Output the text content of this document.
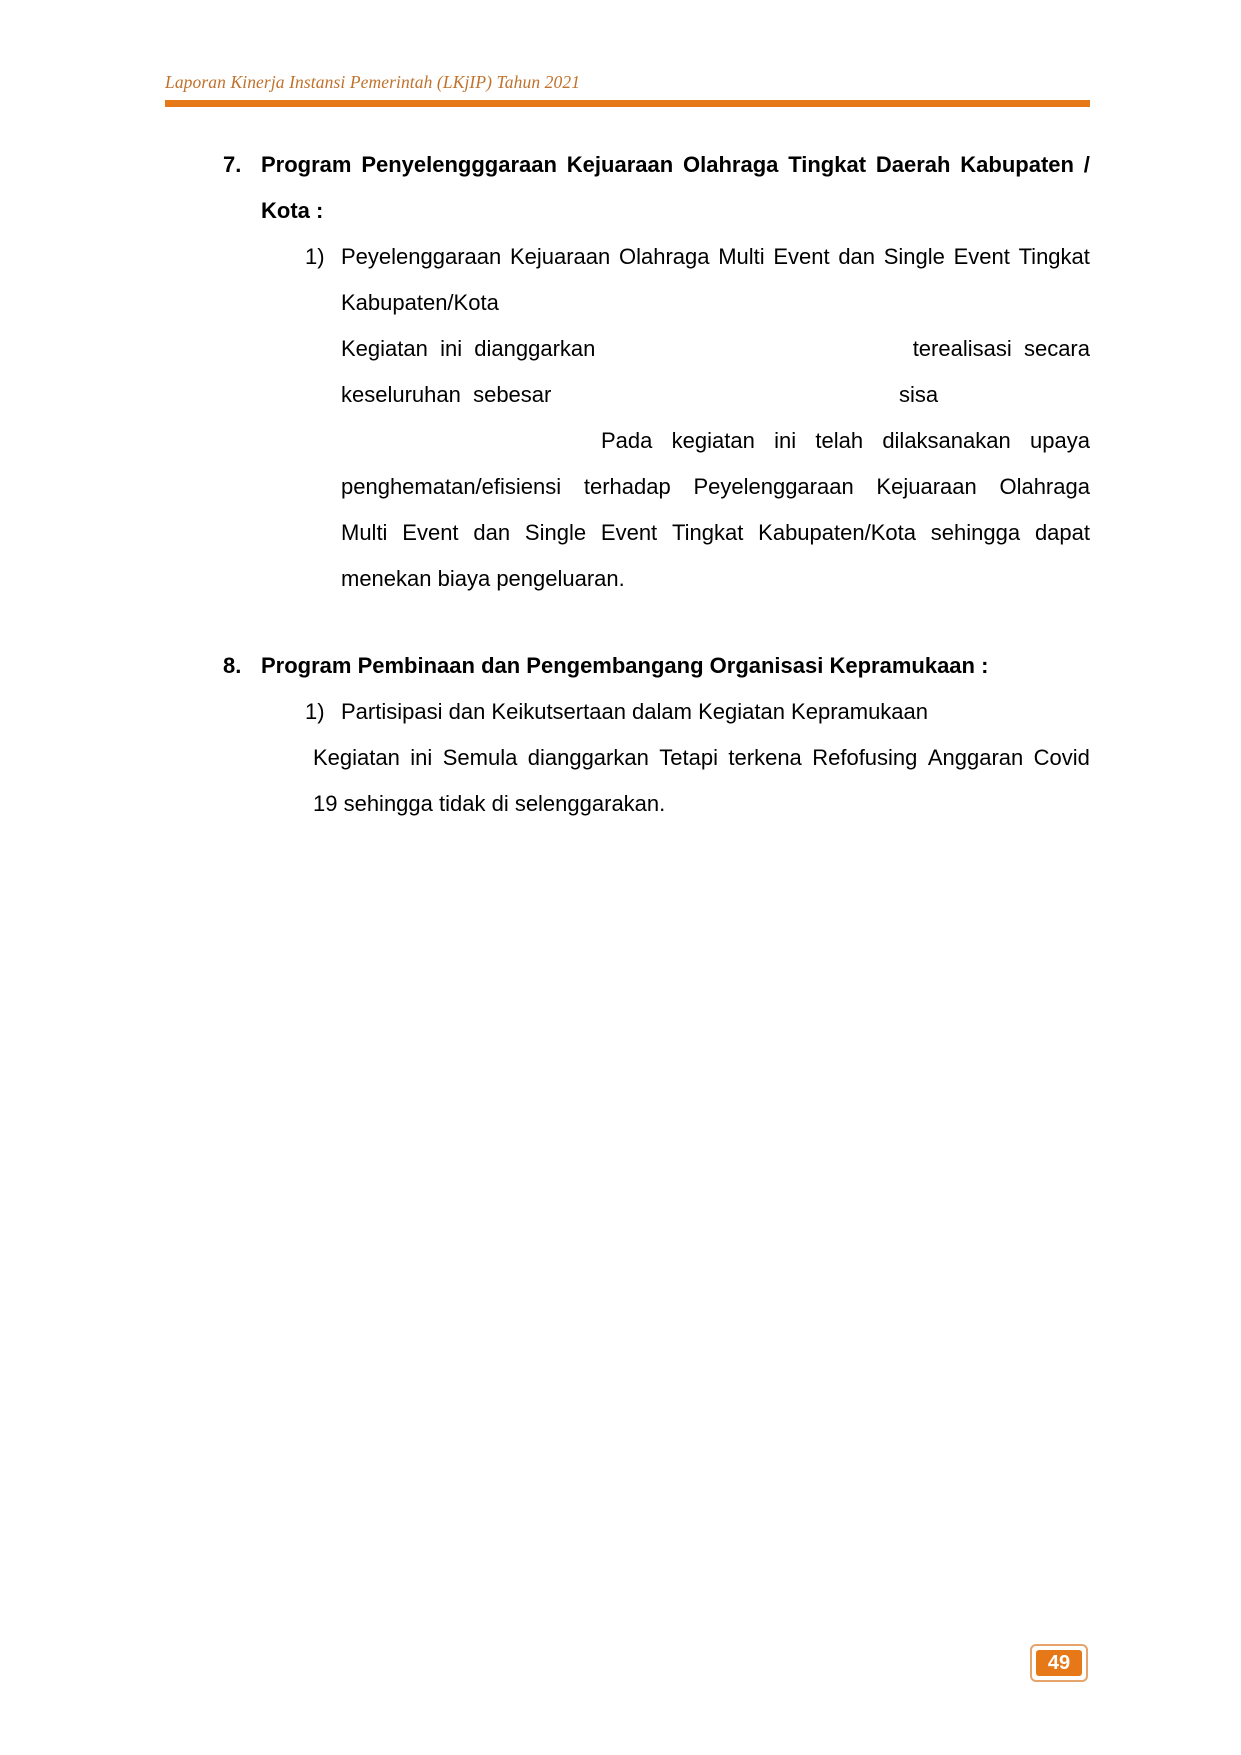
Laporan Kinerja Instansi Pemerintah (LKjIP) Tahun 2021
7. Program Penyelengggaraan Kejuaraan Olahraga Tingkat Daerah Kabupaten /
Kota :
1) Peyelenggaraan Kejuaraan Olahraga Multi Event dan Single Event Tingkat
Kabupaten/Kota
Kegiatan  ini  dianggarkan	terealisasi  secara
keseluruhan  sebesar	sisa
Pada kegiatan ini telah dilaksanakan upaya
penghematan/efisiensi terhadap Peyelenggaraan Kejuaraan Olahraga
Multi Event dan Single Event Tingkat Kabupaten/Kota sehingga dapat
menekan biaya pengeluaran.
8. Program Pembinaan dan Pengembangang Organisasi Kepramukaan :
1) Partisipasi dan Keikutsertaan dalam Kegiatan Kepramukaan
Kegiatan ini Semula dianggarkan Tetapi terkena Refofusing Anggaran Covid
19 sehingga tidak di selenggarakan.
49
